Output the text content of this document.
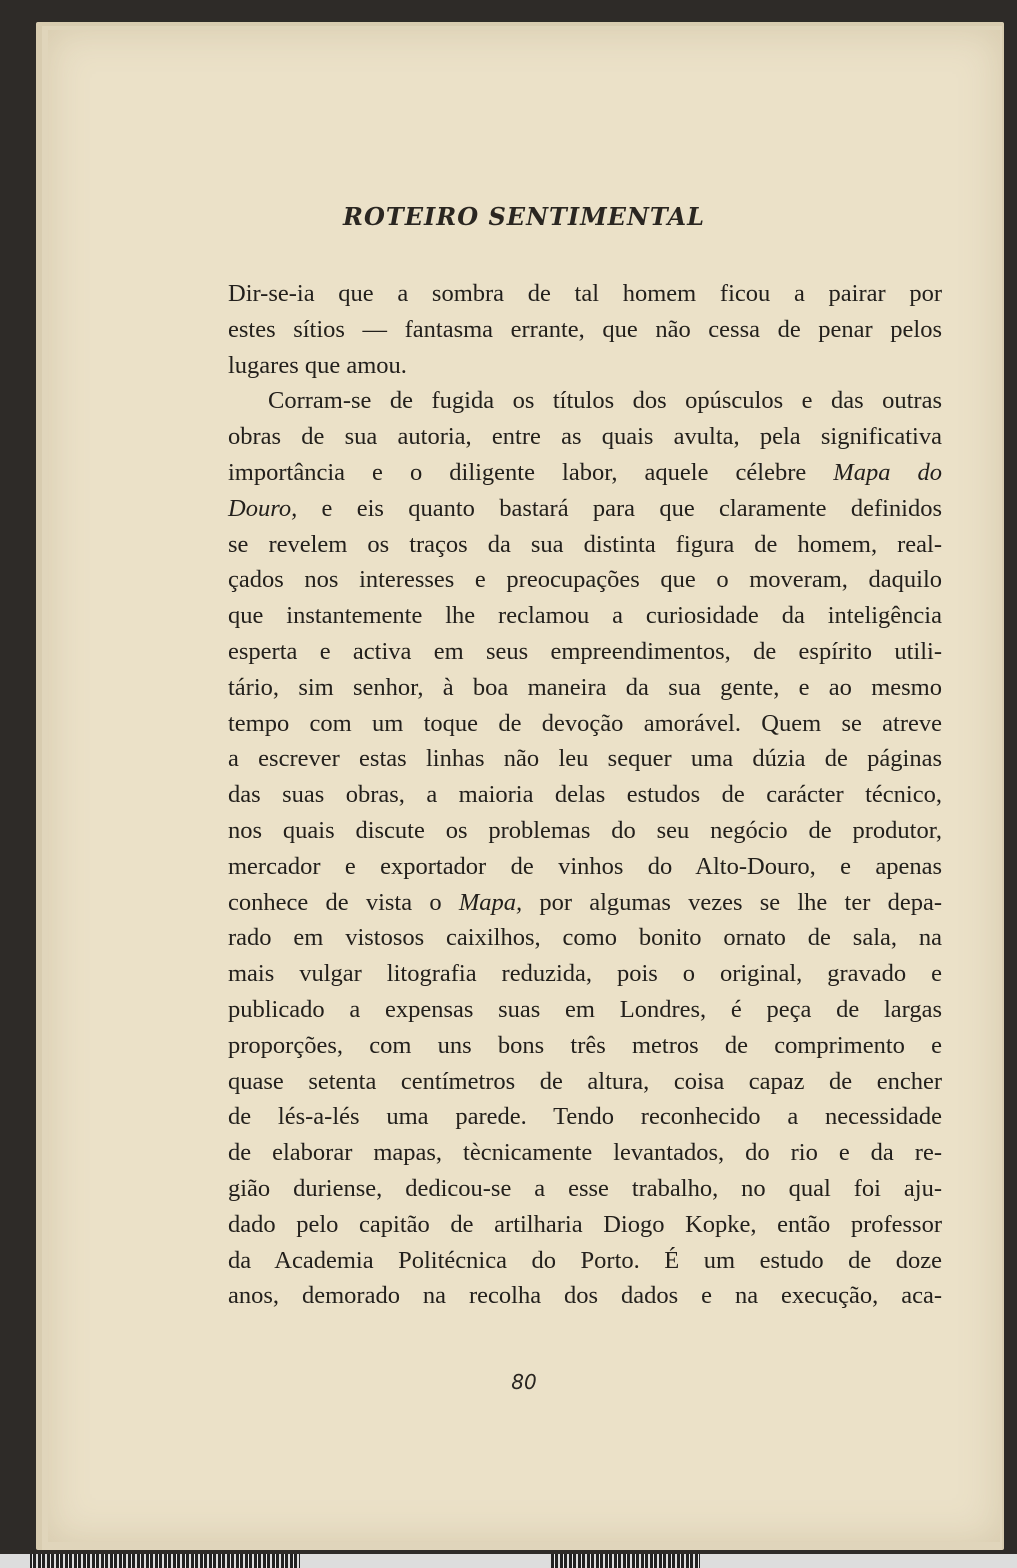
ROTEIRO SENTIMENTAL

Dir-se-ia que a sombra de tal homem ficou a pairar por
estes sítios — fantasma errante, que não cessa de penar pelos
lugares que amou.

Corram-se de fugida os títulos dos opúsculos e das outras
obras de sua autoria, entre as quais avulta, pela significativa
importância e o diligente labor, aquele célebre Mapa do
Douro, e eis quanto bastará para que claramente definidos
se revelem os traços da sua distinta figura de homem, real-
çados nos interesses e preocupações que o moveram, daquilo
que instantemente lhe reclamou a curiosidade da inteligência
esperta e activa em seus empreendimentos, de espírito utili-
tário, sim senhor, à boa maneira da sua gente, e ao mesmo
tempo com um toque de devoção amorável. Quem se atreve
a escrever estas linhas não leu sequer uma dúzia de páginas
das suas obras, a maioria delas estudos de carácter técnico,
nos quais discute os problemas do seu negócio de produtor,
mercador e exportador de vinhos do Alto-Douro, e apenas
conhece de vista o Mapa, por algumas vezes se lhe ter depa-
rado em vistosos caixilhos, como bonito ornato de sala, na
mais vulgar litografia reduzida, pois o original, gravado e
publicado a expensas suas em Londres, é peça de largas
proporções, com uns bons três metros de comprimento e
quase setenta centímetros de altura, coisa capaz de encher
de lés-a-lés uma parede. Tendo reconhecido a necessidade
de elaborar mapas, tècnicamente levantados, do rio e da re-
gião duriense, dedicou-se a esse trabalho, no qual foi aju-
dado pelo capitão de artilharia Diogo Kopke, então professor
da Academia Politécnica do Porto. É um estudo de doze
anos, demorado na recolha dos dados e na execução, aca-

80
